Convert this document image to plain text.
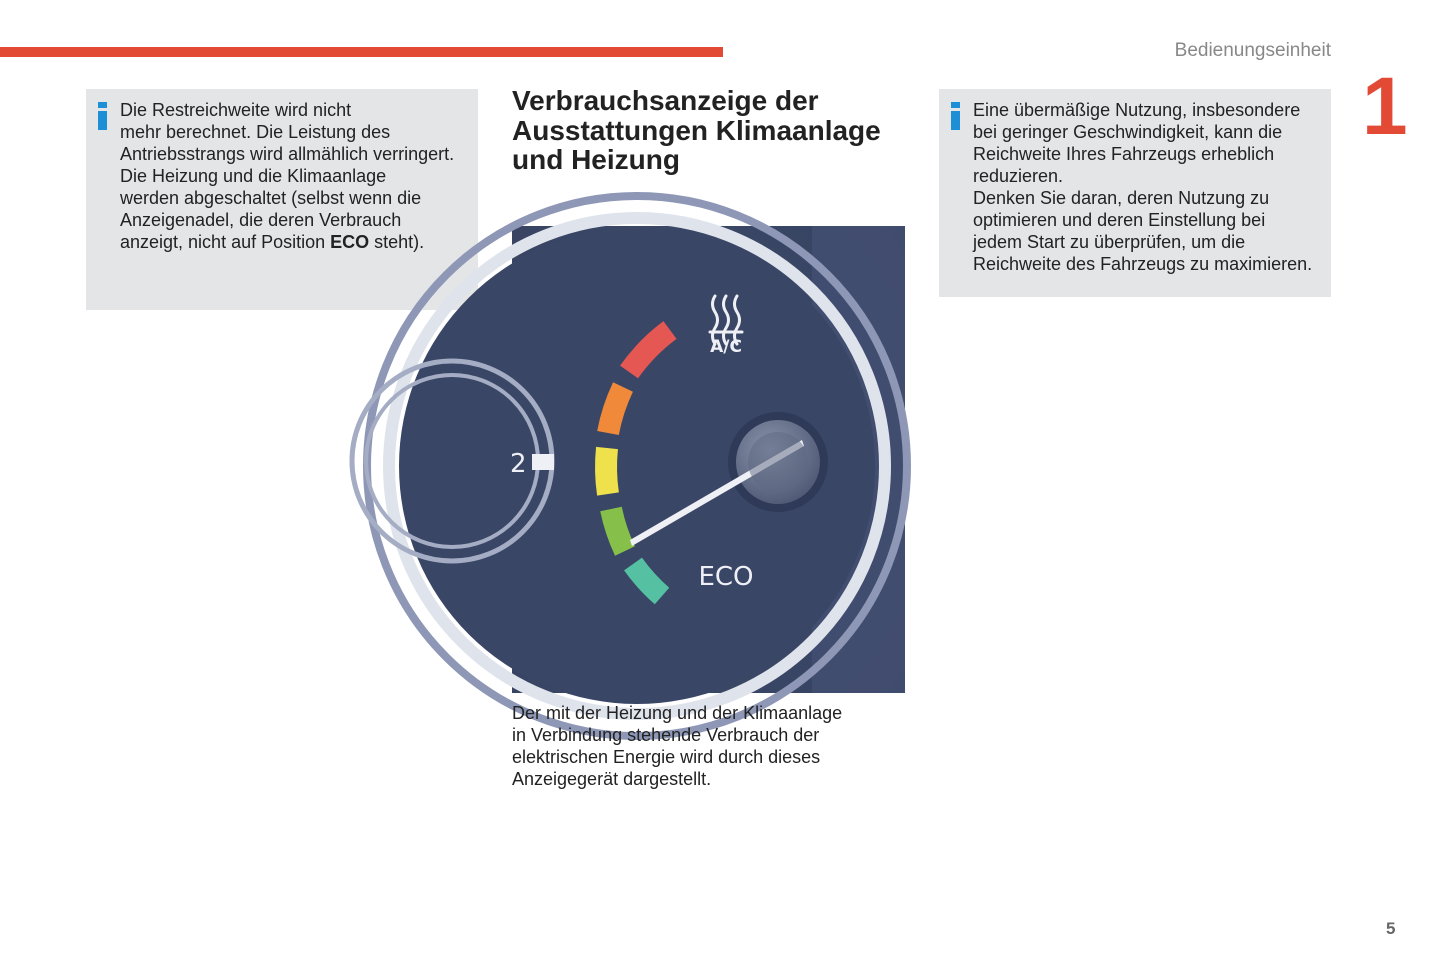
Bedienungseinheit
1

Die Restreichweite wird nicht

mehr berechnet. Die Leistung des

Antriebsstrangs wird allmählich verringert.

Die Heizung und die Klimaanlage

werden abgeschaltet (selbst wenn die

Anzeigenadel, die deren Verbrauch

anzeigt, nicht auf Position ECO steht).

Verbrauchsanzeige der
Ausstattungen Klimaanlage
und Heizung
2
A/C
ECO

Der mit der Heizung und der Klimaanlage
in Verbindung stehende Verbrauch der
elektrischen Energie wird durch dieses
Anzeigegerät dargestellt.

Eine übermäßige Nutzung, insbesondere

bei geringer Geschwindigkeit, kann die

Reichweite Ihres Fahrzeugs erheblich

reduzieren.

Denken Sie daran, deren Nutzung zu

optimieren und deren Einstellung bei

jedem Start zu überprüfen, um die

Reichweite des Fahrzeugs zu maximieren.

5
